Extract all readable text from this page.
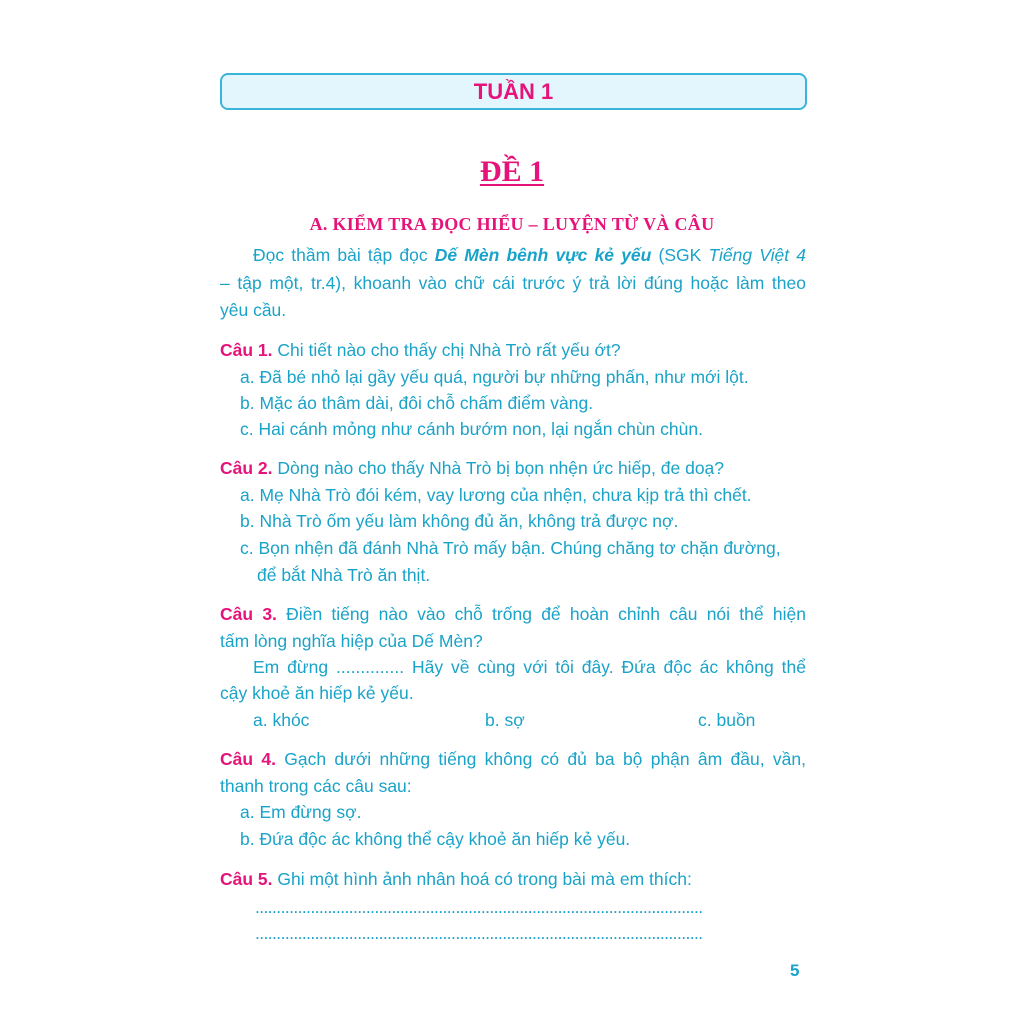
TUẦN 1
ĐỀ 1
A. KIỂM TRA ĐỌC HIỂU – LUYỆN TỪ VÀ CÂU
Đọc thầm bài tập đọc Dế Mèn bênh vực kẻ yếu (SGK Tiếng Việt 4
– tập một, tr.4), khoanh vào chữ cái trước ý trả lời đúng hoặc làm theo
yêu cầu.
Câu 1. Chi tiết nào cho thấy chị Nhà Trò rất yếu ớt?
a. Đã bé nhỏ lại gầy yếu quá, người bự những phấn, như mới lột.
b. Mặc áo thâm dài, đôi chỗ chấm điểm vàng.
c. Hai cánh mỏng như cánh bướm non, lại ngắn chùn chùn.
Câu 2. Dòng nào cho thấy Nhà Trò bị bọn nhện ức hiếp, đe doạ?
a. Mẹ Nhà Trò đói kém, vay lương của nhện, chưa kịp trả thì chết.
b. Nhà Trò ốm yếu làm không đủ ăn, không trả được nợ.
c. Bọn nhện đã đánh Nhà Trò mấy bận. Chúng chăng tơ chặn đường,
để bắt Nhà Trò ăn thịt.
Câu 3. Điền tiếng nào vào chỗ trống để hoàn chỉnh câu nói thể hiện
tấm lòng nghĩa hiệp của Dế Mèn?
Em đừng .............. Hãy về cùng với tôi đây. Đứa độc ác không thể
cậy khoẻ ăn hiếp kẻ yếu.
a. khóc	b. sợ	c. buồn
Câu 4. Gạch dưới những tiếng không có đủ ba bộ phận âm đầu, vần,
thanh trong các câu sau:
a. Em đừng sợ.
b. Đứa độc ác không thể cậy khoẻ ăn hiếp kẻ yếu.
Câu 5. Ghi một hình ảnh nhân hoá có trong bài mà em thích:
.........................................................................................................
.........................................................................................................
5
